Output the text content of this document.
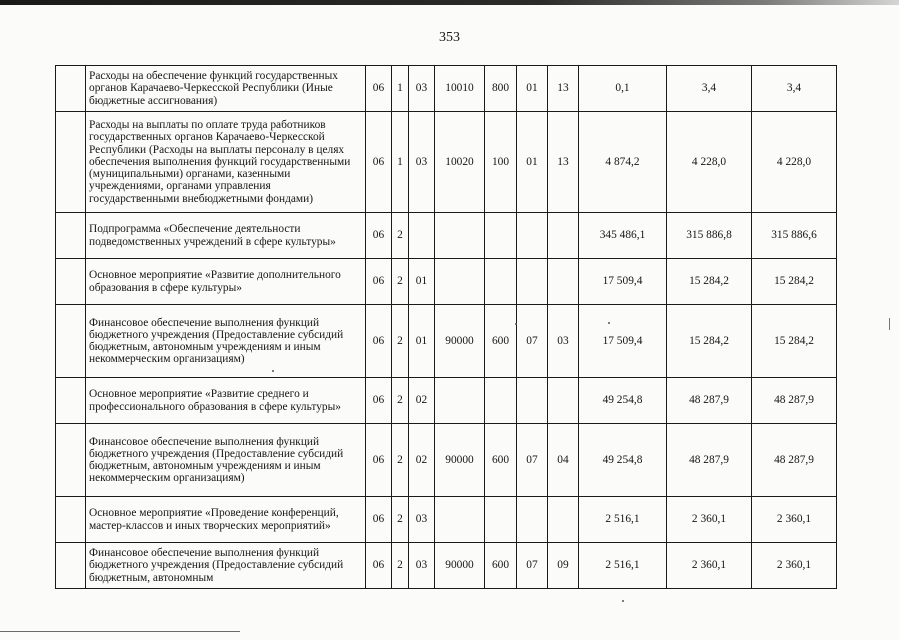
353
	Расходы на обеспечение функций государственных органов Карачаево-Черкесской Республики (Иные бюджетные ассигнования)	06	1	03	10010	800	01	13	0,1	3,4	3,4
	Расходы на выплаты по оплате труда работников государственных органов Карачаево-Черкесской Республики (Расходы на выплаты персоналу в целях обеспечения выполнения функций государственными (муниципальными) органами, казенными учреждениями, органами управления государственными внебюджетными фондами)	06	1	03	10020	100	01	13	4 874,2	4 228,0	4 228,0
	Подпрограмма «Обеспечение деятельности подведомственных учреждений в сфере культуры»	06	2						345 486,1	315 886,8	315 886,6
	Основное мероприятие «Развитие дополнительного образования в сфере культуры»	06	2	01					17 509,4	15 284,2	15 284,2
	Финансовое обеспечение выполнения функций бюджетного учреждения (Предоставление субсидий бюджетным, автономным учреждениям и иным некоммерческим организациям)	06	2	01	90000	600	07	03	17 509,4	15 284,2	15 284,2
	Основное мероприятие «Развитие среднего и профессионального образования в сфере культуры»	06	2	02					49 254,8	48 287,9	48 287,9
	Финансовое обеспечение выполнения функций бюджетного учреждения (Предоставление субсидий бюджетным, автономным учреждениям и иным некоммерческим организациям)	06	2	02	90000	600	07	04	49 254,8	48 287,9	48 287,9
	Основное мероприятие «Проведение конференций, мастер-классов и иных творческих мероприятий»	06	2	03					2 516,1	2 360,1	2 360,1
	Финансовое обеспечение выполнения функций бюджетного учреждения (Предоставление субсидий бюджетным, автономным	06	2	03	90000	600	07	09	2 516,1	2 360,1	2 360,1
